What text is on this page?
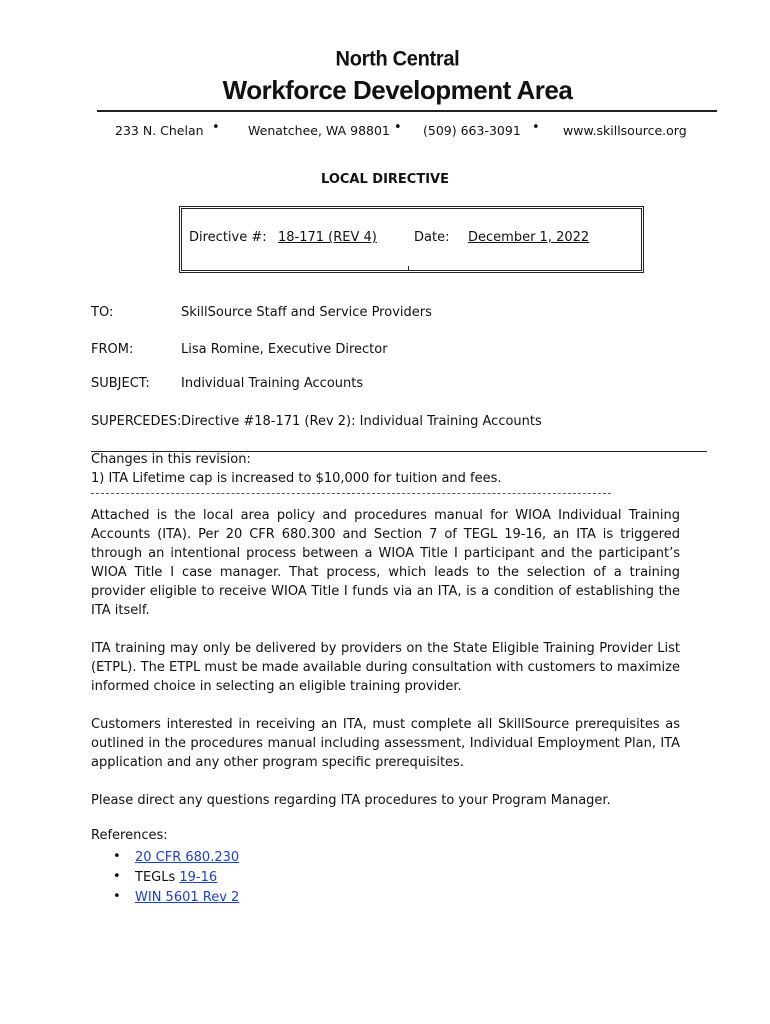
North Central
Workforce Development Area
233 N. Chelan • Wenatchee, WA 98801 • (509) 663-3091 • www.skillsource.org
LOCAL DIRECTIVE
Directive #: 18-171 (REV 4)	Date:	December 1, 2022
TO:	SkillSource Staff and Service Providers
FROM:	Lisa Romine, Executive Director
SUBJECT: Individual Training Accounts
SUPERCEDES: Directive #18-171 (Rev 2): Individual Training Accounts
Changes in this revision:
1) ITA Lifetime cap is increased to $10,000 for tuition and fees.

Attached is the local area policy and procedures manual for WIOA Individual Training Accounts (ITA). Per 20 CFR 680.300 and Section 7 of TEGL 19-16, an ITA is triggered through an intentional process between a WIOA Title I participant and the participant’s WIOA Title I case manager. That process, which leads to the selection of a training provider eligible to receive WIOA Title I funds via an ITA, is a condition of establishing the ITA itself.

ITA training may only be delivered by providers on the State Eligible Training Provider List (ETPL). The ETPL must be made available during consultation with customers to maximize informed choice in selecting an eligible training provider.

Customers interested in receiving an ITA, must complete all SkillSource prerequisites as outlined in the procedures manual including assessment, Individual Employment Plan, ITA application and any other program specific prerequisites.

Please direct any questions regarding ITA procedures to your Program Manager.

References:
• 20 CFR 680.230
• TEGLs 19-16
• WIN 5601 Rev 2
